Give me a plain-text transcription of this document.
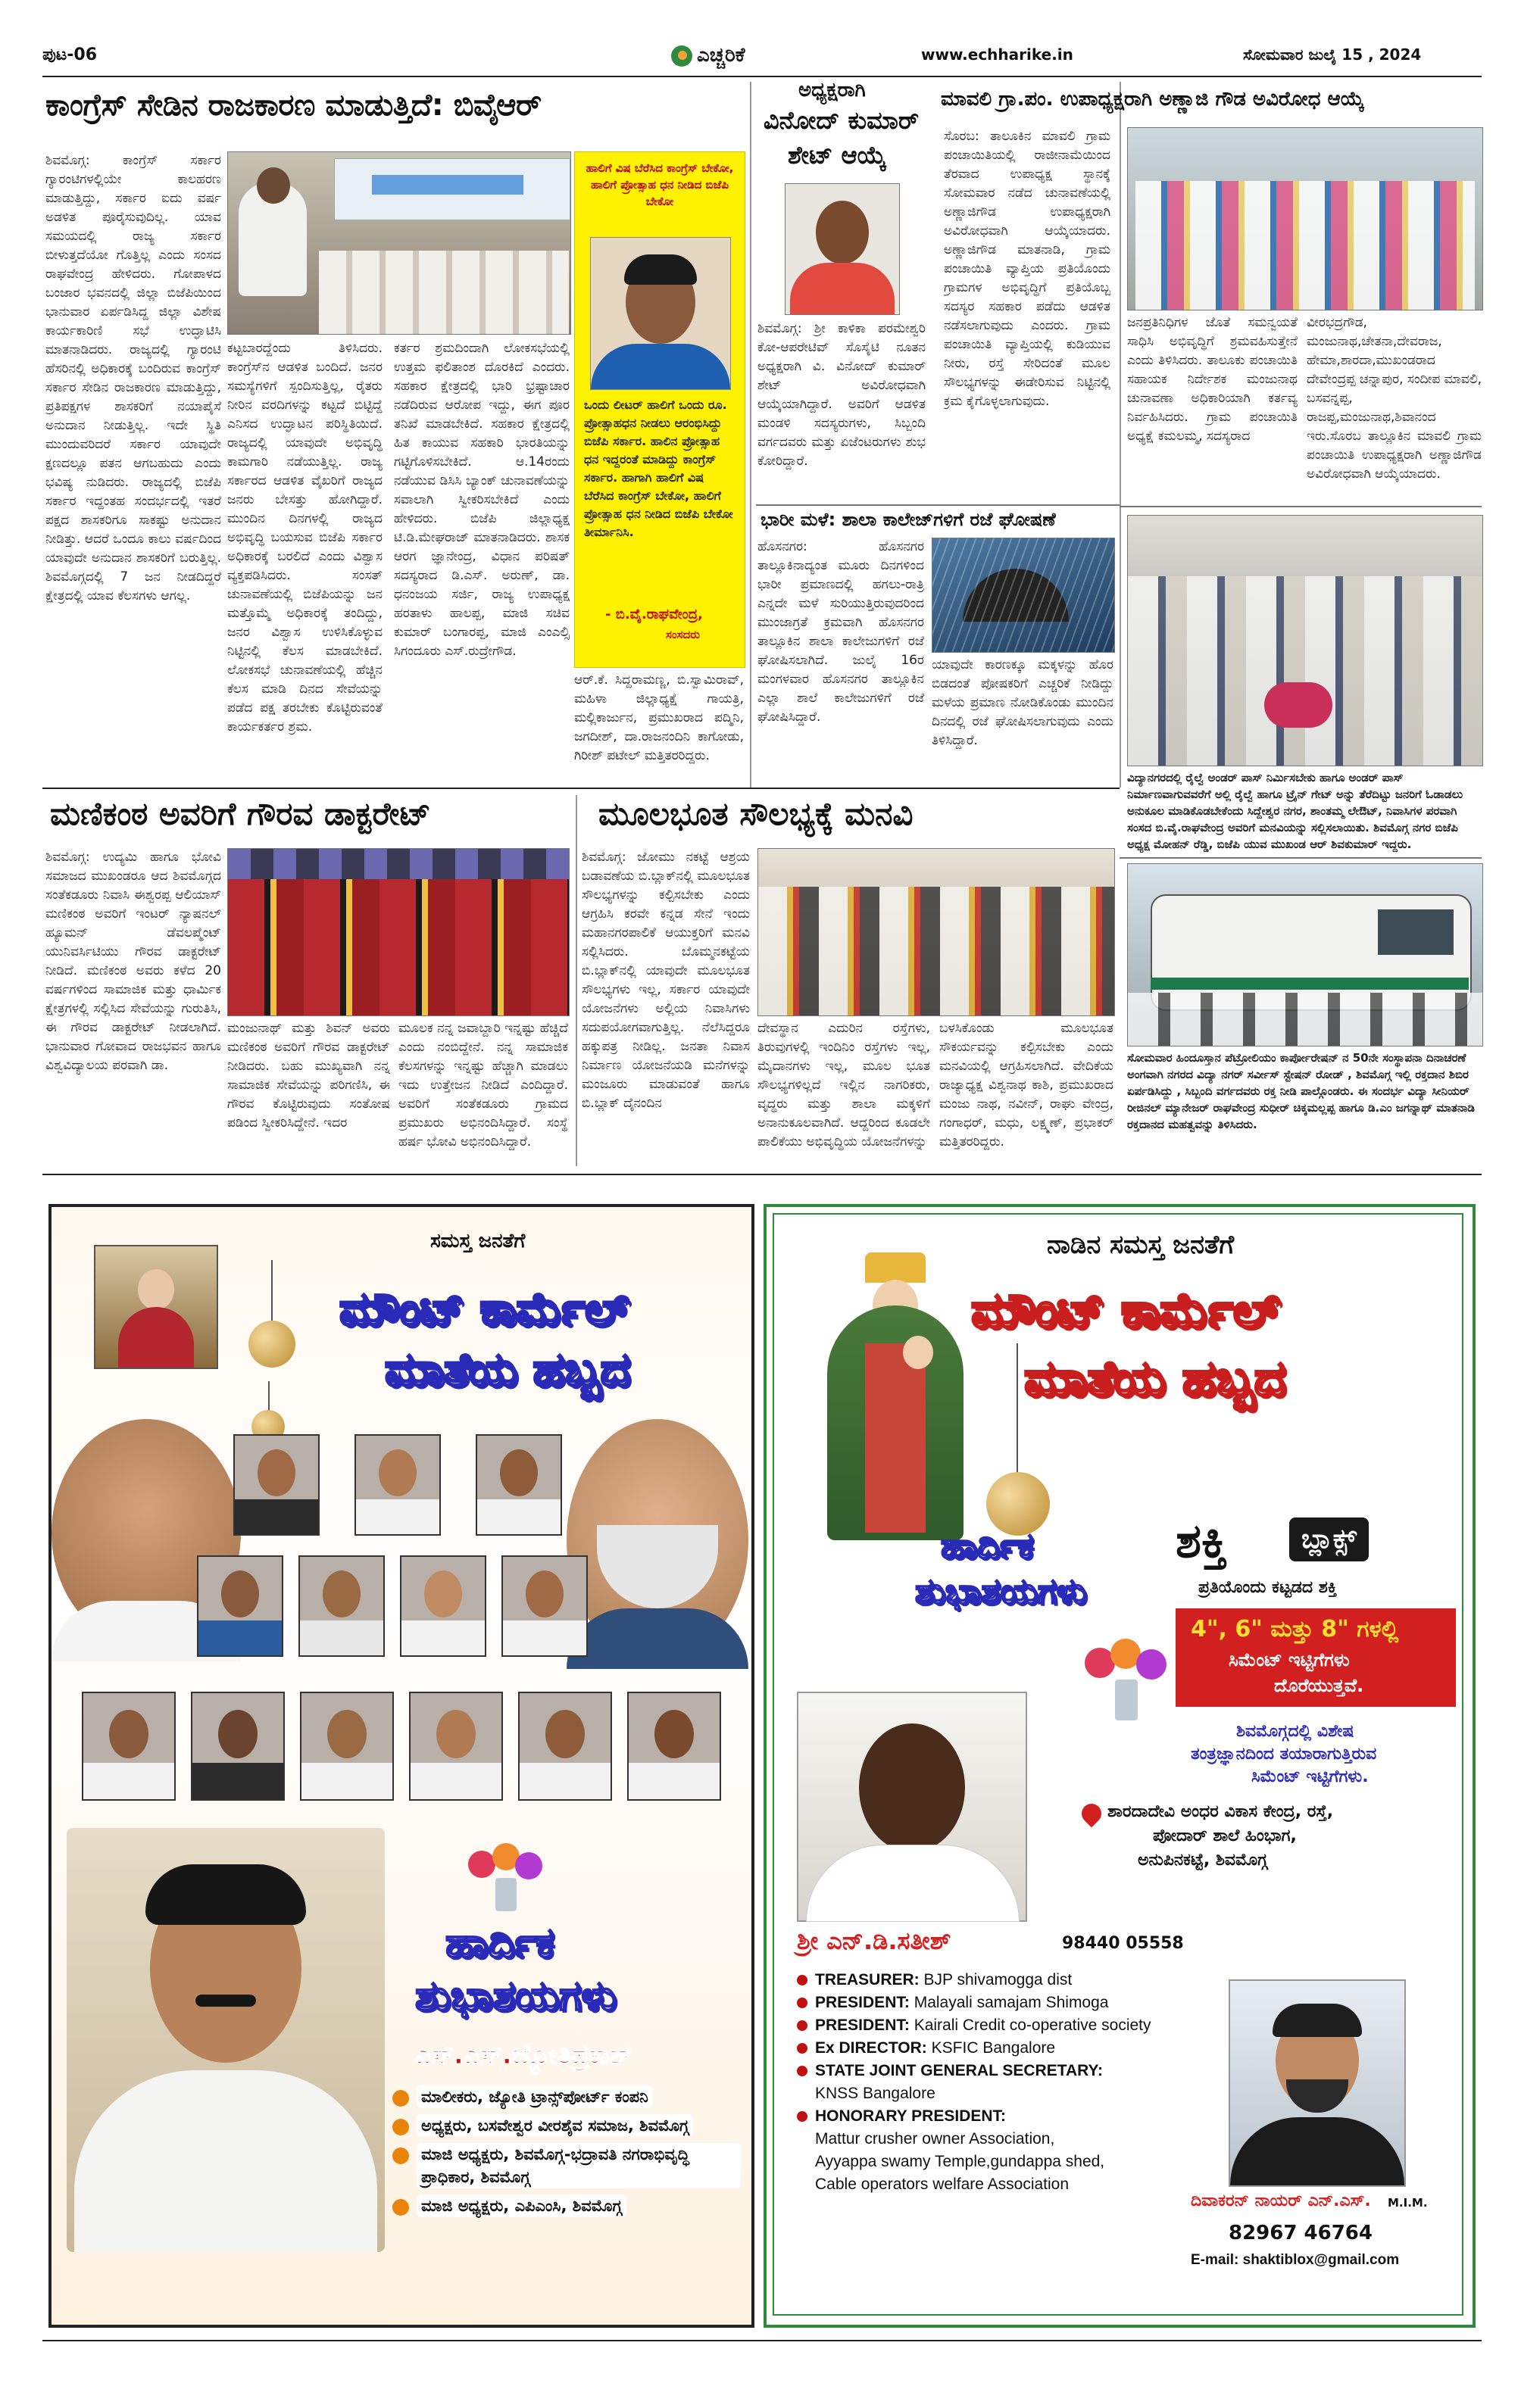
ಪುಟ-06	ಎಚ್ಚರಿಕೆ	www.echharike.in	ಸೋಮವಾರ ಜುಲೈ 15 , 2024
ಕಾಂಗ್ರೆಸ್ ಸೇಡಿನ ರಾಜಕಾರಣ ಮಾಡುತ್ತಿದೆ: ಬಿವೈಆರ್
ಶಿವಮೊಗ್ಗ: ಕಾಂಗ್ರೆಸ್ ಸರ್ಕಾರ ಗ್ಯಾರಂಟಿಗಳಲ್ಲಿಯೇ ಕಾಲಹರಣ ಮಾಡುತ್ತಿದ್ದು, ಸರ್ಕಾರ ಐದು ವರ್ಷ ಅಡಳಿತ ಪೂರೈಸುವುದಿಲ್ಲ. ಯಾವ ಸಮಯದಲ್ಲಿ ರಾಜ್ಯ ಸರ್ಕಾರ ಬೀಳುತ್ತದೆಯೋ ಗೊತ್ತಿಲ್ಲ ಎಂದು ಸಂಸದ ರಾಘವೇಂದ್ರ ಹೇಳಿದರು. ಗೋಪಾಳದ ಬಂಜಾರ ಭವನದಲ್ಲಿ ಜಿಲ್ಲಾ ಬಿಜೆಪಿಯಿಂದ ಭಾನುವಾರ ಏರ್ಪಡಿಸಿದ್ದ ಜಿಲ್ಲಾ ವಿಶೇಷ ಕಾರ್ಯಕಾರಿಣಿ ಸಭೆ ಉದ್ಘಾಟಿಸಿ ಮಾತನಾಡಿದರು. ರಾಜ್ಯದಲ್ಲಿ ಗ್ಯಾರಂಟಿ ಹೆಸರಿನಲ್ಲಿ ಅಧಿಕಾರಕ್ಕೆ ಬಂದಿರುವ ಕಾಂಗ್ರೆಸ್ ಸರ್ಕಾರ ಸೇಡಿನ ರಾಜಕಾರಣ ಮಾಡುತ್ತಿದ್ದು, ಪ್ರತಿಪಕ್ಷಗಳ ಶಾಸಕರಿಗೆ ನಯಾಪೈಸೆ ಅನುದಾನ ನೀಡುತ್ತಿಲ್ಲ. ಇದೇ ಸ್ಥಿತಿ ಮುಂದುವರಿದರೆ ಸರ್ಕಾರ ಯಾವುದೇ ಕ್ಷಣದಲ್ಲೂ ಪತನ ಆಗಬಹುದು ಎಂದು ಭವಿಷ್ಯ ನುಡಿದರು. ರಾಜ್ಯದಲ್ಲಿ ಬಿಜೆಪಿ ಸರ್ಕಾರ ಇದ್ದಂತಹ ಸಂದರ್ಭದಲ್ಲಿ ಇತರೆ ಪಕ್ಷದ ಶಾಸಕರಿಗೂ ಸಾಕಷ್ಟು ಅನುದಾನ ನೀಡಿತ್ತು. ಆದರೆ ಒಂದೂ ಕಾಲು ವರ್ಷದಿಂದ ಯಾವುದೇ ಅನುದಾನ ಶಾಸಕರಿಗೆ ಬರುತ್ತಿಲ್ಲ. ಶಿವಮೊಗ್ಗದಲ್ಲಿ 7 ಜನ ನೀಡದಿದ್ದರೆ ಕ್ಷೇತ್ರದಲ್ಲಿ ಯಾವ ಕೆಲಸಗಳು ಆಗಲ್ಲ.
ಕಟ್ಟಬಾರದ್ದೆಂದು ತಿಳಿಸಿದರು. ಕಾಂಗ್ರೆಸ್‌ನ ಆಡಳಿತ ಬಂದಿದೆ. ಜನರ ಸಮಸ್ಯೆಗಳಿಗೆ ಸ್ಪಂದಿಸುತ್ತಿಲ್ಲ, ರೈತರು ನೀರಿನ ವರದಿಗಳನ್ನು ಕಟ್ಟದೆ ಬಿಟ್ಟಿದ್ದೆ ಎನಿಸದ ಉದ್ಘಾಟನ ಪರಿಸ್ಥಿತಿಯಿದೆ. ರಾಜ್ಯದಲ್ಲಿ ಯಾವುದೇ ಅಭಿವೃದ್ಧಿ ಕಾಮಗಾರಿ ನಡೆಯುತ್ತಿಲ್ಲ. ರಾಜ್ಯ ಸರ್ಕಾರದ ಆಡಳಿತ ವೈಖರಿಗೆ ರಾಜ್ಯದ ಜನರು ಬೇಸತ್ತು ಹೋಗಿದ್ದಾರೆ. ಮುಂದಿನ ದಿನಗಳಲ್ಲಿ ರಾಜ್ಯದ ಅಭಿವೃದ್ಧಿ ಬಯಸುವ ಬಿಜೆಪಿ ಸರ್ಕಾರ ಅಧಿಕಾರಕ್ಕೆ ಬರಲಿದೆ ಎಂದು ವಿಶ್ವಾಸ ವ್ಯಕ್ತಪಡಿಸಿದರು. ಸಂಸತ್ ಚುನಾವಣೆಯಲ್ಲಿ ಬಿಜೆಪಿಯನ್ನು ಜನ ಮತ್ತೊಮ್ಮೆ ಅಧಿಕಾರಕ್ಕೆ ತಂದಿದ್ದು, ಜನರ ವಿಶ್ವಾಸ ಉಳಿಸಿಕೊಳ್ಳುವ ನಿಟ್ಟಿನಲ್ಲಿ ಕೆಲಸ ಮಾಡಬೇಕಿದೆ. ಲೋಕಸಭೆ ಚುನಾವಣೆಯಲ್ಲಿ ಹೆಚ್ಚಿನ ಕೆಲಸ ಮಾಡಿ ದಿನದ ಸೇವೆಯನ್ನು ಪಡೆದ ಪಕ್ಷ ತರಬೇಕು ಕೊಟ್ಟಿರುವಂತೆ ಕಾರ್ಯಕರ್ತರ ಶ್ರಮ.
ಕರ್ತರ ಶ್ರಮದಿಂದಾಗಿ ಲೋಕಸಭೆಯಲ್ಲಿ ಉತ್ತಮ ಫಲಿತಾಂಶ ದೊರಕಿದೆ ಎಂದರು. ಸಹಕಾರ ಕ್ಷೇತ್ರದಲ್ಲಿ ಭಾರಿ ಭ್ರಷ್ಟಾಚಾರ ನಡೆದಿರುವ ಆರೋಪ ಇದ್ದು, ಈಗ ಪೂರ ತನಿಖೆ ಮಾಡಬೇಕಿದೆ. ಸಹಕಾರ ಕ್ಷೇತ್ರದಲ್ಲಿ ಹಿತ ಕಾಯುವ ಸಹಕಾರಿ ಭಾರತಿಯನ್ನು ಗಟ್ಟಿಗೊಳಿಸಬೇಕಿದೆ. ಆ.14ರಂದು ನಡೆಯುವ ಡಿಸಿಸಿ ಬ್ಯಾಂಕ್ ಚುನಾವಣೆಯನ್ನು ಸವಾಲಾಗಿ ಸ್ವೀಕರಿಸಬೇಕಿದೆ ಎಂದು ಹೇಳಿದರು. ಬಿಜೆಪಿ ಜಿಲ್ಲಾಧ್ಯಕ್ಷ ಟಿ.ಡಿ.ಮೇಘರಾಜ್ ಮಾತನಾಡಿದರು. ಶಾಸಕ ಆರಗ ಜ್ಞಾನೇಂದ್ರ, ವಿಧಾನ ಪರಿಷತ್ ಸದಸ್ಯರಾದ ಡಿ.ಎಸ್. ಅರುಣ್, ಡಾ. ಧನಂಜಯ ಸರ್ಜಿ, ರಾಜ್ಯ ಉಪಾಧ್ಯಕ್ಷ ಹರತಾಳು ಹಾಲಪ್ಪ, ಮಾಜಿ ಸಚಿವ ಕುಮಾರ್ ಬಂಗಾರಪ್ಪ, ಮಾಜಿ ಎಂಎಲ್ಸಿ ಸಿಗಂದೂರು ಎಸ್.ರುದ್ರೇಗೌಡ.
ಹಾಲಿಗೆ ವಿಷ ಬೆರೆಸಿದ ಕಾಂಗ್ರೆಸ್ ಬೇಕೋ, ಹಾಲಿಗೆ ಪ್ರೋತ್ಸಾಹ ಧನ ನೀಡಿದ ಬಿಜೆಪಿ ಬೇಕೋ
ಒಂದು ಲೀಟರ್ ಹಾಲಿಗೆ ಒಂದು ರೂ. ಪ್ರೋತ್ಸಾಹಧನ ನೀಡಲು ಆರಂಭಿಸಿದ್ದು ಬಿಜೆಪಿ ಸರ್ಕಾರ. ಹಾಲಿನ ಪ್ರೋತ್ಸಾಹ ಧನ ಇದ್ದರಂತೆ ಮಾಡಿದ್ದು ಕಾಂಗ್ರೆಸ್ ಸರ್ಕಾರ. ಹಾಗಾಗಿ ಹಾಲಿಗೆ ವಿಷ ಬೆರೆಸಿದ ಕಾಂಗ್ರೆಸ್ ಬೇಕೋ, ಹಾಲಿಗೆ ಪ್ರೋತ್ಸಾಹ ಧನ ನೀಡಿದ ಬಿಜೆಪಿ ಬೇಕೋ ತೀರ್ಮಾನಿಸಿ.
- ಬಿ.ವೈ.ರಾಘವೇಂದ್ರ,
ಸಂಸದರು
ಆರ್.ಕೆ. ಸಿದ್ದರಾಮಣ್ಣ, ಬಿ.ಸ್ವಾಮಿರಾವ್, ಮಹಿಳಾ ಜಿಲ್ಲಾಧ್ಯಕ್ಷೆ ಗಾಯತ್ರಿ, ಮಲ್ಲಿಕಾರ್ಜುನ, ಪ್ರಮುಖರಾದ ಪದ್ಮಿನಿ, ಜಗದೀಶ್, ದಾ.ರಾಜನಂದಿನಿ ಕಾಗೋಡು, ಗಿರೀಶ್ ಪಟೇಲ್ ಮತ್ತಿತರರಿದ್ದರು.
ಅಧ್ಯಕ್ಷರಾಗಿ
ವಿನೋದ್ ಕುಮಾರ್
ಶೇಟ್ ಆಯ್ಕೆ
ಶಿವಮೊಗ್ಗ: ಶ್ರೀ ಕಾಳಿಕಾ ಪರಮೇಶ್ವರಿ ಕೋ-ಆಪರೇಟಿವ್ ಸೊಸೈಟಿ ನೂತನ ಅಧ್ಯಕ್ಷರಾಗಿ ವಿ. ವಿನೋದ್ ಕುಮಾರ್ ಶೇಟ್ ಅವಿರೋಧವಾಗಿ ಆಯ್ಕೆಯಾಗಿದ್ದಾರೆ. ಅವರಿಗೆ ಆಡಳಿತ ಮಂಡಳಿ ಸದಸ್ಯರುಗಳು, ಸಿಬ್ಬಂದಿ ವರ್ಗದವರು ಮತ್ತು ಏಜೆಂಟರುಗಳು ಶುಭ ಕೋರಿದ್ದಾರೆ.
ಭಾರೀ ಮಳೆ: ಶಾಲಾ ಕಾಲೇಜ್‌ಗಳಿಗೆ ರಜೆ ಘೋಷಣೆ
ಹೊಸನಗರ: ಹೊಸನಗರ ತಾಲ್ಲೂಕಿನಾದ್ಯಂತ ಮೂರು ದಿನಗಳಿಂದ ಭಾರೀ ಪ್ರಮಾಣದಲ್ಲಿ ಹಗಲು-ರಾತ್ರಿ ಎನ್ನದೇ ಮಳೆ ಸುರಿಯುತ್ತಿರುವುದರಿಂದ ಮುಂಜಾಗ್ರತೆ ಕ್ರಮವಾಗಿ ಹೊಸನಗರ ತಾಲ್ಲೂಕಿನ ಶಾಲಾ ಕಾಲೇಜುಗಳಿಗೆ ರಜೆ ಘೋಷಿಸಲಾಗಿದೆ. ಜುಲೈ 16ರ ಮಂಗಳವಾರ ಹೊಸನಗರ ತಾಲ್ಲೂಕಿನ ಎಲ್ಲಾ ಶಾಲೆ ಕಾಲೇಜುಗಳಿಗೆ ರಜೆ ಘೋಷಿಸಿದ್ದಾರೆ.
ಯಾವುದೇ ಕಾರಣಕ್ಕೂ ಮಕ್ಕಳನ್ನು ಹೊರ ಬಿಡದಂತೆ ಪೋಷಕರಿಗೆ ಎಚ್ಚರಿಕೆ ನೀಡಿದ್ದು ಮಳೆಯ ಪ್ರಮಾಣ ನೋಡಿಕೊಂಡು ಮುಂದಿನ ದಿನದಲ್ಲಿ ರಜೆ ಘೋಷಿಸಲಾಗುವುದು ಎಂದು ತಿಳಿಸಿದ್ದಾರೆ.
ಮಾವಲಿ ಗ್ರಾ.ಪಂ. ಉಪಾಧ್ಯಕ್ಷರಾಗಿ ಅಣ್ಣಾಜಿ ಗೌಡ ಅವಿರೋಧ ಆಯ್ಕೆ
ಸೊರಬ: ತಾಲೂಕಿನ ಮಾವಲಿ ಗ್ರಾಮ ಪಂಚಾಯಿತಿಯಲ್ಲಿ ರಾಜೀನಾಮೆಯಿಂದ ತೆರವಾದ ಉಪಾಧ್ಯಕ್ಷ ಸ್ಥಾನಕ್ಕೆ ಸೋಮವಾರ ನಡೆದ ಚುನಾವಣೆಯಲ್ಲಿ ಅಣ್ಣಾಜಿಗೌಡ ಉಪಾಧ್ಯಕ್ಷರಾಗಿ ಅವಿರೋಧವಾಗಿ ಆಯ್ಕೆಯಾದರು. ಅಣ್ಣಾಜಿಗೌಡ ಮಾತನಾಡಿ, ಗ್ರಾಮ ಪಂಚಾಯಿತಿ ವ್ಯಾಪ್ತಿಯ ಪ್ರತಿಯೊಂದು ಗ್ರಾಮಗಳ ಅಭಿವೃದ್ಧಿಗೆ ಪ್ರತಿಯೊಬ್ಬ ಸದಸ್ಯರ ಸಹಕಾರ ಪಡೆದು ಆಡಳಿತ ನಡೆಸಲಾಗುವುದು ಎಂದರು. ಗ್ರಾಮ ಪಂಚಾಯಿತಿ ವ್ಯಾಪ್ತಿಯಲ್ಲಿ ಕುಡಿಯುವ ನೀರು, ರಸ್ತೆ ಸೇರಿದಂತೆ ಮೂಲ ಸೌಲಭ್ಯಗಳನ್ನು ಈಡೇರಿಸುವ ನಿಟ್ಟಿನಲ್ಲಿ ಕ್ರಮ ಕೈಗೊಳ್ಳಲಾಗುವುದು.
ಜನಪ್ರತಿನಿಧಿಗಳ ಜೊತೆ ಸಮನ್ವಯತೆ ಸಾಧಿಸಿ ಅಭಿವೃದ್ಧಿಗೆ ಶ್ರಮವಹಿಸುತ್ತೇನೆ ಎಂದು ತಿಳಿಸಿದರು. ತಾಲೂಕು ಪಂಚಾಯಿತಿ ಸಹಾಯಕ ನಿರ್ದೇಶಕ ಮಂಜುನಾಥ ಚುನಾವಣಾ ಅಧಿಕಾರಿಯಾಗಿ ಕರ್ತವ್ಯ ನಿರ್ವಹಿಸಿದರು. ಗ್ರಾಮ ಪಂಚಾಯಿತಿ ಅಧ್ಯಕ್ಷೆ ಕಮಲಮ್ಮ, ಸದಸ್ಯರಾದ
ವೀರಭದ್ರಗೌಡ, ಮಂಜುನಾಥ,ಚೇತನಾ,ದೇವರಾಜ, ಹೇಮಾ,ಶಾರದಾ,ಮುಖಂಡರಾದ ದೇವೇಂದ್ರಪ್ಪ ಚನ್ನಾಪುರ, ಸಂದೀಪ ಮಾವಲಿ, ಬಸವನ್ನಪ್ಪ, ರಾಜಪ್ಪ,ಮಂಜುನಾಥ,ಶಿವಾನಂದ ಇರು.ಸೊರಬ ತಾಲ್ಲೂಕಿನ ಮಾವಲಿ ಗ್ರಾಮ ಪಂಚಾಯಿತಿ ಉಪಾಧ್ಯಕ್ಷರಾಗಿ ಅಣ್ಣಾಜಿಗೌಡ ಅವಿರೋಧವಾಗಿ ಆಯ್ಕೆಯಾದರು.
ವಿದ್ಯಾನಗರದಲ್ಲಿ ರೈಲ್ವೆ ಅಂಡರ್ ಪಾಸ್ ನಿರ್ಮಿಸಬೇಕು ಹಾಗೂ ಅಂಡರ್ ಪಾಸ್ ನಿರ್ಮಾಣವಾಗುವವರೆಗೆ ಅಲ್ಲಿ ರೈಲ್ವೆ ಹಾಗೂ ಟ್ರೈನ್ ಗೇಟ್ ಅನ್ನು ತೆರೆದಿಟ್ಟು ಜನರಿಗೆ ಓಡಾಡಲು ಅನುಕೂಲ ಮಾಡಿಕೊಡಬೇಕೆಂದು ಸಿದ್ದೇಶ್ವರ ನಗರ, ಶಾಂತಮ್ಮ ಲೇಔಟ್, ನಿವಾಸಿಗಳ ಪರವಾಗಿ ಸಂಸದ ಬಿ.ವೈ.ರಾಘವೇಂದ್ರ ಅವರಿಗೆ ಮನವಿಯನ್ನು ಸಲ್ಲಿಸಲಾಯಿತು. ಶಿವಮೊಗ್ಗ ನಗರ ಬಿಜೆಪಿ ಅಧ್ಯಕ್ಷ ಮೋಹನ್ ರೆಡ್ಡಿ, ಬಿಜೆಪಿ ಯುವ ಮುಖಂಡ ಆರ್ ಶಿವಕುಮಾರ್ ಇದ್ದರು.
ಮಣಿಕಂಠ ಅವರಿಗೆ ಗೌರವ ಡಾಕ್ಟರೇಟ್
ಶಿವಮೊಗ್ಗ: ಉದ್ಯಮಿ ಹಾಗೂ ಭೋವಿ ಸಮಾಜದ ಮುಖಂಡರೂ ಆದ ಶಿವಮೊಗ್ಗದ ಸಂತೆಕಡೂರು ನಿವಾಸಿ ಈಶ್ವರಪ್ಪ ಆಲಿಯಾಸ್ ಮಣಿಕಂಠ ಅವರಿಗೆ ಇಂಟರ್ ನ್ಯಾಷನಲ್ ಹ್ಯೂಮನ್ ಡೆವಲಪ್ಮೆಂಟ್ ಯುನಿವರ್ಸಿಟಿಯು ಗೌರವ ಡಾಕ್ಟರೇಟ್ ನೀಡಿದೆ. ಮಣಿಕಂಠ ಅವರು ಕಳೆದ 20 ವರ್ಷಗಳಿಂದ ಸಾಮಾಜಿಕ ಮತ್ತು ಧಾರ್ಮಿಕ ಕ್ಷೇತ್ರಗಳಲ್ಲಿ ಸಲ್ಲಿಸಿದ ಸೇವೆಯನ್ನು ಗುರುತಿಸಿ, ಈ ಗೌರವ ಡಾಕ್ಟರೇಟ್ ನೀಡಲಾಗಿದೆ. ಭಾನುವಾರ ಗೋವಾದ ರಾಜಭವನ ಹಾಗೂ ವಿಶ್ವವಿದ್ಯಾಲಯ ಪರವಾಗಿ ಡಾ.
ಮಂಜುನಾಥ್ ಮತ್ತು ಶಿವನ್ ಅವರು ಮಣಿಕಂಠ ಅವರಿಗೆ ಗೌರವ ಡಾಕ್ಟರೇಟ್ ನೀಡಿದರು. ಬಹು ಮುಖ್ಯವಾಗಿ ನನ್ನ ಸಾಮಾಜಿಕ ಸೇವೆಯನ್ನು ಪರಿಗಣಿಸಿ, ಈ ಗೌರವ ಕೊಟ್ಟಿರುವುದು ಸಂತೋಷ ಪಡಿಂದ ಸ್ವೀಕರಿಸಿದ್ದೇನೆ. ಇದರ
ಮೂಲಕ ನನ್ನ ಜವಾಬ್ದಾರಿ ಇನ್ನಷ್ಟು ಹೆಚ್ಚಿದೆ ಎಂದು ನಂಬಿದ್ದೇನೆ. ನನ್ನ ಸಾಮಾಜಿಕ ಕೆಲಸಗಳನ್ನು ಇನ್ನಷ್ಟು ಹೆಚ್ಚಾಗಿ ಮಾಡಲು ಇದು ಉತ್ತೇಜನ ನೀಡಿದೆ ಎಂದಿದ್ದಾರೆ. ಅವರಿಗೆ ಸಂತೆಕಡೂರು ಗ್ರಾಮದ ಪ್ರಮುಖರು ಅಭಿನಂದಿಸಿದ್ದಾರೆ. ಸಂಸ್ಥೆ ಹರ್ಷ ಭೋವಿ ಅಭಿನಂದಿಸಿದ್ದಾರೆ.
ಮೂಲಭೂತ ಸೌಲಭ್ಯಕ್ಕೆ ಮನವಿ
ಶಿವಮೊಗ್ಗ: ಜೋಮು ನಕಟ್ಟೆ ಆಶ್ರಯ ಬಡಾವಣೆಯ ಬಿ.ಬ್ಲಾಕ್‌ನಲ್ಲಿ ಮೂಲಭೂತ ಸೌಲಭ್ಯಗಳನ್ನು ಕಲ್ಪಿಸಬೇಕು ಎಂದು ಆಗ್ರಹಿಸಿ ಕರವೇ ಕನ್ನಡ ಸೇನೆ ಇಂದು ಮಹಾನಗರಪಾಲಿಕೆ ಆಯುಕ್ತರಿಗೆ ಮನವಿ ಸಲ್ಲಿಸಿದರು. ಬೊಮ್ಮನಕಟ್ಟೆಯ ಬಿ.ಬ್ಲಾಕ್‌ನಲ್ಲಿ ಯಾವುದೇ ಮೂಲಭೂತ ಸೌಲಭ್ಯಗಳು ಇಲ್ಲ, ಸರ್ಕಾರ ಯಾವುದೇ ಯೋಜನೆಗಳು ಅಲ್ಲಿಯ ನಿವಾಸಿಗಳು ಸದುಪಯೋಗವಾಗುತ್ತಿಲ್ಲ. ನೆಲೆಸಿದ್ದರೂ ಹಕ್ಕುಪತ್ರ ನೀಡಿಲ್ಲ. ಜನತಾ ನಿವಾಸ ನಿರ್ಮಾಣ ಯೋಜನೆಯಡಿ ಮನೆಗಳನ್ನು ಮಂಜೂರು ಮಾಡುವಂತೆ ಹಾಗೂ ಬಿ.ಬ್ಲಾಕ್ ದೈನಂದಿನ
ದೇವಸ್ಥಾನ ಎದುರಿನ ರಸ್ತೆಗಳು, ತಿರುವುಗಳಲ್ಲಿ ಇಂದಿನಿಂ ರಸ್ತೆಗಳು ಇಲ್ಲ, ಮೈದಾನಗಳು ಇಲ್ಲ, ಮೂಲ ಭೂತ ಸೌಲಭ್ಯಗಳಿಲ್ಲದೆ ಇಲ್ಲಿನ ನಾಗರಿಕರು, ವೃದ್ಧರು ಮತ್ತು ಶಾಲಾ ಮಕ್ಕಳಿಗೆ ಅನಾನುಕೂಲವಾಗಿದೆ. ಆದ್ದರಿಂದ ಕೂಡಲೇ ಪಾಲಿಕೆಯು ಅಭಿವೃದ್ಧಿಯ ಯೋಜನೆಗಳನ್ನು
ಬಳಸಿಕೊಂಡು ಮೂಲಭೂತ ಸೌಕರ್ಯವನ್ನು ಕಲ್ಪಿಸಬೇಕು ಎಂದು ಮನವಿಯಲ್ಲಿ ಆಗ್ರಹಿಸಲಾಗಿದೆ. ವೇದಿಕೆಯ ರಾಜ್ಯಾಧ್ಯಕ್ಷ ವಿಶ್ವನಾಥ ಕಾಶಿ, ಪ್ರಮುಖರಾದ ಮಂಜು ನಾಥ, ನವೀನ್, ರಾಘು ವೇಂದ್ರ, ಗಂಗಾಧರ್, ಮಧು, ಲಕ್ಷ್ಮಣ್, ಪ್ರಭಾಕರ್ ಮತ್ತಿತರರಿದ್ದರು.
ಸೋಮವಾರ ಹಿಂದೂಸ್ತಾನ ಪೆಟ್ರೋಲಿಯಂ ಕಾರ್ಪೋರೇಷನ್ ನ 50ನೇ ಸಂಸ್ಥಾಪನಾ ದಿನಾಚರಣೆ ಅಂಗವಾಗಿ ನಗರದ ವಿದ್ಯಾ ನಗರ್ ಸರ್ವೀಸ್ ಸ್ಟೇಷನ್ ರೋಡ್ , ಶಿವಮೊಗ್ಗ ಇಲ್ಲಿ ರಕ್ತದಾನ ಶಿಬಿರ ಏರ್ಪಡಿಸಿದ್ದು , ಸಿಬ್ಬಂದಿ ವರ್ಗದವರು ರಕ್ತ ನೀಡಿ ಪಾಲ್ಗೊಂಡರು. ಈ ಸಂದರ್ಭ ವಿದ್ಯಾ ಸೀನಿಯರ್ ರೀಜಿನಲ್ ಮ್ಯಾನೇಜರ್ ರಾಘವೇಂದ್ರ ಸುಧೀರ್ ಚಿಕ್ಕಮಲ್ಲಪ್ಪ ಹಾಗೂ ಡಿ.ಎಂ ಜಗನ್ನಾಥ್ ಮಾತನಾಡಿ ರಕ್ತದಾನದ ಮಹತ್ವವನ್ನು ತಿಳಿಸಿದರು.
ಸಮಸ್ತ ಜನತೆಗೆ
ಮೌಂಟ್ ಕಾರ್ಮೆಲ್
ಮಾತೆಯ ಹಬ್ಬದ
ಹಾರ್ದಿಕ
ಶುಭಾಶಯಗಳು
ಎಸ್.ಎಸ್.ಜ್ಯೋತಿಪ್ರಕಾಶ್
ಮಾಲೀಕರು, ಜ್ಯೋತಿ ಟ್ರಾನ್ಸ್‌ಪೋರ್ಟ್ ಕಂಪನಿ
ಅಧ್ಯಕ್ಷರು, ಬಸವೇಶ್ವರ ವೀರಶೈವ ಸಮಾಜ, ಶಿವಮೊಗ್ಗ
ಮಾಜಿ ಅಧ್ಯಕ್ಷರು, ಶಿವಮೊಗ್ಗ-ಭದ್ರಾವತಿ ನಗರಾಭಿವೃದ್ಧಿ ಪ್ರಾಧಿಕಾರ, ಶಿವಮೊಗ್ಗ
ಮಾಜಿ ಅಧ್ಯಕ್ಷರು, ಎಪಿಎಂಸಿ, ಶಿವಮೊಗ್ಗ
ನಾಡಿನ ಸಮಸ್ತ ಜನತೆಗೆ
ಮೌಂಟ್ ಕಾರ್ಮೆಲ್
ಮಾತೆಯ ಹಬ್ಬದ
ಹಾರ್ದಿಕ
ಶುಭಾಶಯಗಳು
ಶಕ್ತಿ	ಬ್ಲಾಕ್ಸ್
ಪ್ರತಿಯೊಂದು ಕಟ್ಟಡದ ಶಕ್ತಿ
4", 6" ಮತ್ತು 8" ಗಳಲ್ಲಿ
ಸಿಮೆಂಟ್ ಇಟ್ಟಿಗೆಗಳು
ದೊರೆಯುತ್ತವೆ.
ಶಿವಮೊಗ್ಗದಲ್ಲಿ ವಿಶೇಷ
ತಂತ್ರಜ್ಞಾನದಿಂದ ತಯಾರಾಗುತ್ತಿರುವ
ಸಿಮೆಂಟ್ ಇಟ್ಟಿಗೆಗಳು.
ಶಾರದಾದೇವಿ ಅಂಧರ ವಿಕಾಸ ಕೇಂದ್ರ, ರಸ್ತೆ,
ಪೋದಾರ್ ಶಾಲೆ ಹಿಂಭಾಗ,
ಅನುಪಿನಕಟ್ಟೆ, ಶಿವಮೊಗ್ಗ
ಶ್ರೀ ಎನ್.ಡಿ.ಸತೀಶ್	98440 05558
TREASURER: BJP shivamogga dist
PRESIDENT: Malayali samajam Shimoga
PRESIDENT: Kairali Credit co-operative society
Ex DIRECTOR: KSFIC Bangalore
STATE JOINT GENERAL SECRETARY:
KNSS Bangalore
HONORARY PRESIDENT:
Mattur crusher owner Association,
Ayyappa swamy Temple,gundappa shed,
Cable operators welfare Association
ದಿವಾಕರನ್ ನಾಯರ್ ಎನ್.ಎಸ್. M.I.M.
82967 46764
E-mail: shaktiblox@gmail.com
